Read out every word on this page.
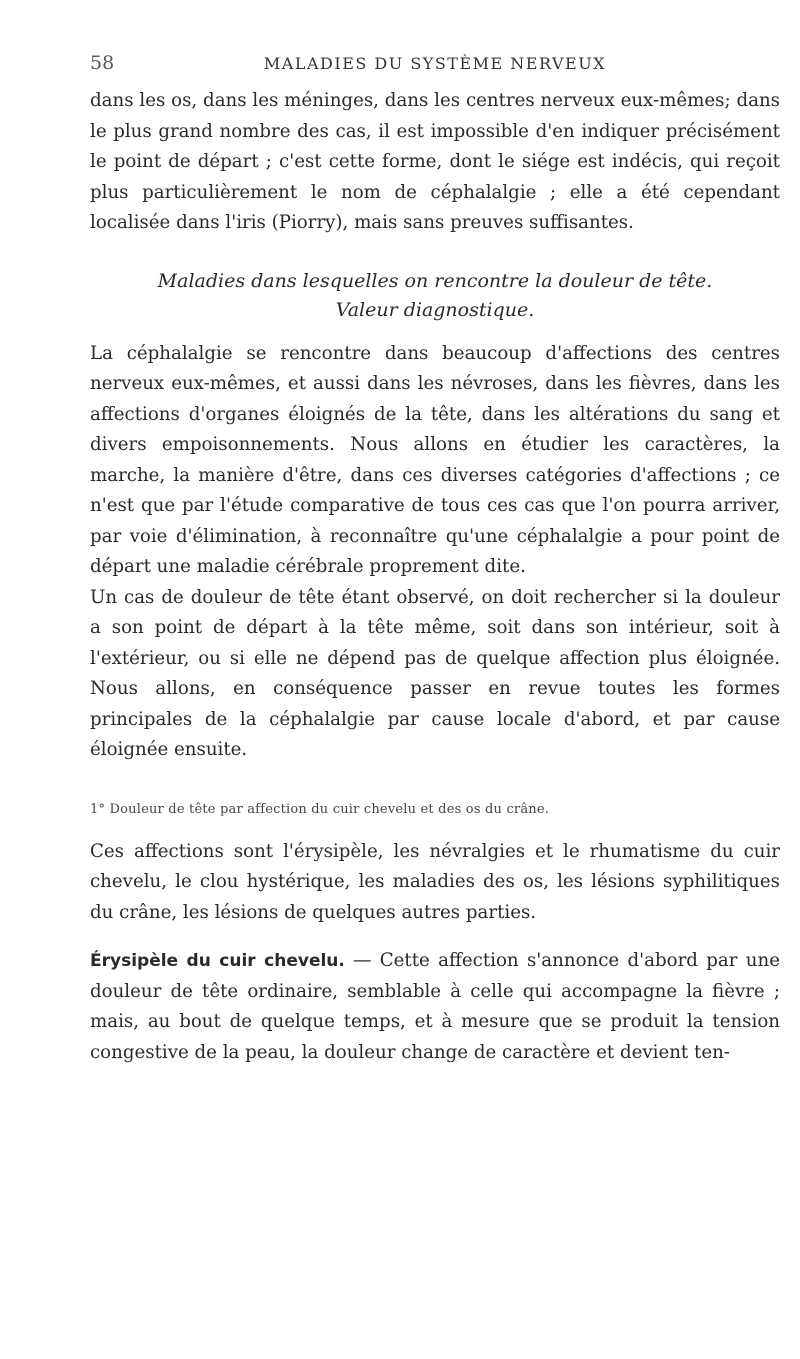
58	MALADIES DU SYSTÈME NERVEUX

dans les os, dans les méninges, dans les centres nerveux eux-mêmes; dans le plus grand nombre des cas, il est impossible d'en indiquer précisément le point de départ ; c'est cette forme, dont le siége est indécis, qui reçoit plus particulièrement le nom de céphalalgie ; elle a été cependant localisée dans l'iris (Piorry), mais sans preuves suffisantes.

Maladies dans lesquelles on rencontre la douleur de tête.
Valeur diagnostique.

La céphalalgie se rencontre dans beaucoup d'affections des centres nerveux eux-mêmes, et aussi dans les névroses, dans les fièvres, dans les affections d'organes éloignés de la tête, dans les altérations du sang et divers empoisonnements. Nous allons en étudier les caractères, la marche, la manière d'être, dans ces diverses catégories d'affections ; ce n'est que par l'étude comparative de tous ces cas que l'on pourra arriver, par voie d'élimination, à reconnaître qu'une céphalalgie a pour point de départ une maladie cérébrale proprement dite.

Un cas de douleur de tête étant observé, on doit rechercher si la douleur a son point de départ à la tête même, soit dans son intérieur, soit à l'extérieur, ou si elle ne dépend pas de quelque affection plus éloignée. Nous allons, en conséquence passer en revue toutes les formes principales de la céphalalgie par cause locale d'abord, et par cause éloignée ensuite.

1° Douleur de tête par affection du cuir chevelu et des os du crâne.

Ces affections sont l'érysipèle, les névralgies et le rhumatisme du cuir chevelu, le clou hystérique, les maladies des os, les lésions syphilitiques du crâne, les lésions de quelques autres parties.

Érysipèle du cuir chevelu. — Cette affection s'annonce d'abord par une douleur de tête ordinaire, semblable à celle qui accompagne la fièvre ; mais, au bout de quelque temps, et à mesure que se produit la tension congestive de la peau, la douleur change de caractère et devient ten-
